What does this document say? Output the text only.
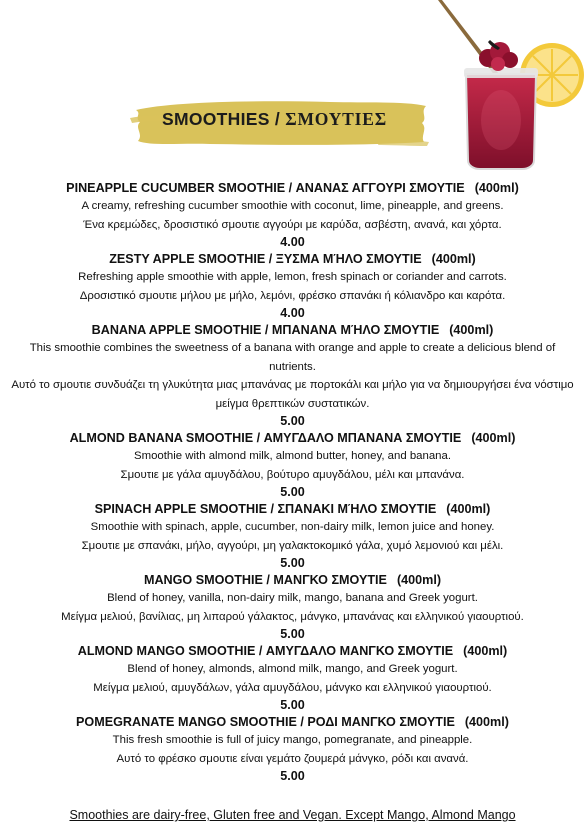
SMOOTHIES / ΣΜΟΥΤΙΕΣ
PINEAPPLE CUCUMBER SMOOTHIE / ΑΝΑΝΑΣ ΑΓΓΟΥΡΙ ΣΜΟΥΤΙΕ (400ml)
A creamy, refreshing cucumber smoothie with coconut, lime, pineapple, and greens.
Ένα κρεμώδες, δροσιστικό σμουτιε αγγούρι με καρύδα, ασβέστη, ανανά, και χόρτα.
4.00
ZESTY APPLE SMOOTHIE / ΞΥΣΜΑ ΜΉΛΟ ΣΜΟΥΤΙΕ (400ml)
Refreshing apple smoothie with apple, lemon, fresh spinach or coriander and carrots.
Δροσιστικό σμουτιε μήλου με μήλο, λεμόνι, φρέσκο σπανάκι ή κόλιανδρο και καρότα.
4.00
BANANA APPLE SMOOTHIE / ΜΠΑΝΑΝΑ ΜΉΛΟ ΣΜΟΥΤΙΕ (400ml)
This smoothie combines the sweetness of a banana with orange and apple to create a delicious blend of nutrients.
Αυτό το σμουτιε συνδυάζει τη γλυκύτητα μιας μπανάνας με πορτοκάλι και μήλο για να δημιουργήσει ένα νόστιμο μείγμα θρεπτικών συστατικών.
5.00
ALMOND BANANA SMOOTHIE / ΑΜΥΓΔΑΛΟ ΜΠΑΝΑΝΑ ΣΜΟΥΤΙΕ (400ml)
Smoothie with almond milk, almond butter, honey, and banana.
Σμουτιε με γάλα αμυγδάλου, βούτυρο αμυγδάλου, μέλι και μπανάνα.
5.00
SPINACH APPLE SMOOTHIE / ΣΠΑΝΑΚΙ ΜΉΛΟ ΣΜΟΥΤΙΕ (400ml)
Smoothie with spinach, apple, cucumber, non-dairy milk, lemon juice and honey.
Σμουτιε με σπανάκι, μήλο, αγγούρι, μη γαλακτοκομικό γάλα, χυμό λεμονιού και μέλι.
5.00
MANGO SMOOTHIE / ΜΑΝΓΚΟ ΣΜΟΥΤΙΕ (400ml)
Blend of honey, vanilla, non-dairy milk, mango, banana and Greek yogurt.
Μείγμα μελιού, βανίλιας, μη λιπαρού γάλακτος, μάνγκο, μπανάνας και ελληνικού γιαουρτιού.
5.00
ALMOND MANGO SMOOTHIE / ΑΜΥΓΔΑΛΟ ΜΑΝΓΚΟ ΣΜΟΥΤΙΕ (400ml)
Blend of honey, almonds, almond milk, mango, and Greek yogurt.
Μείγμα μελιού, αμυγδάλων, γάλα αμυγδάλου, μάνγκο και ελληνικού γιαουρτιού.
5.00
POMEGRANATE MANGO SMOOTHIE / ΡΟΔΙ ΜΑΝΓΚΟ ΣΜΟΥΤΙΕ (400ml)
This fresh smoothie is full of juicy mango, pomegranate, and pineapple.
Αυτό το φρέσκο σμουτιε είναι γεμάτο ζουμερά μάνγκο, ρόδι και ανανά.
5.00
Smoothies are dairy-free, Gluten free and Vegan. Except Mango, Almond Mango
